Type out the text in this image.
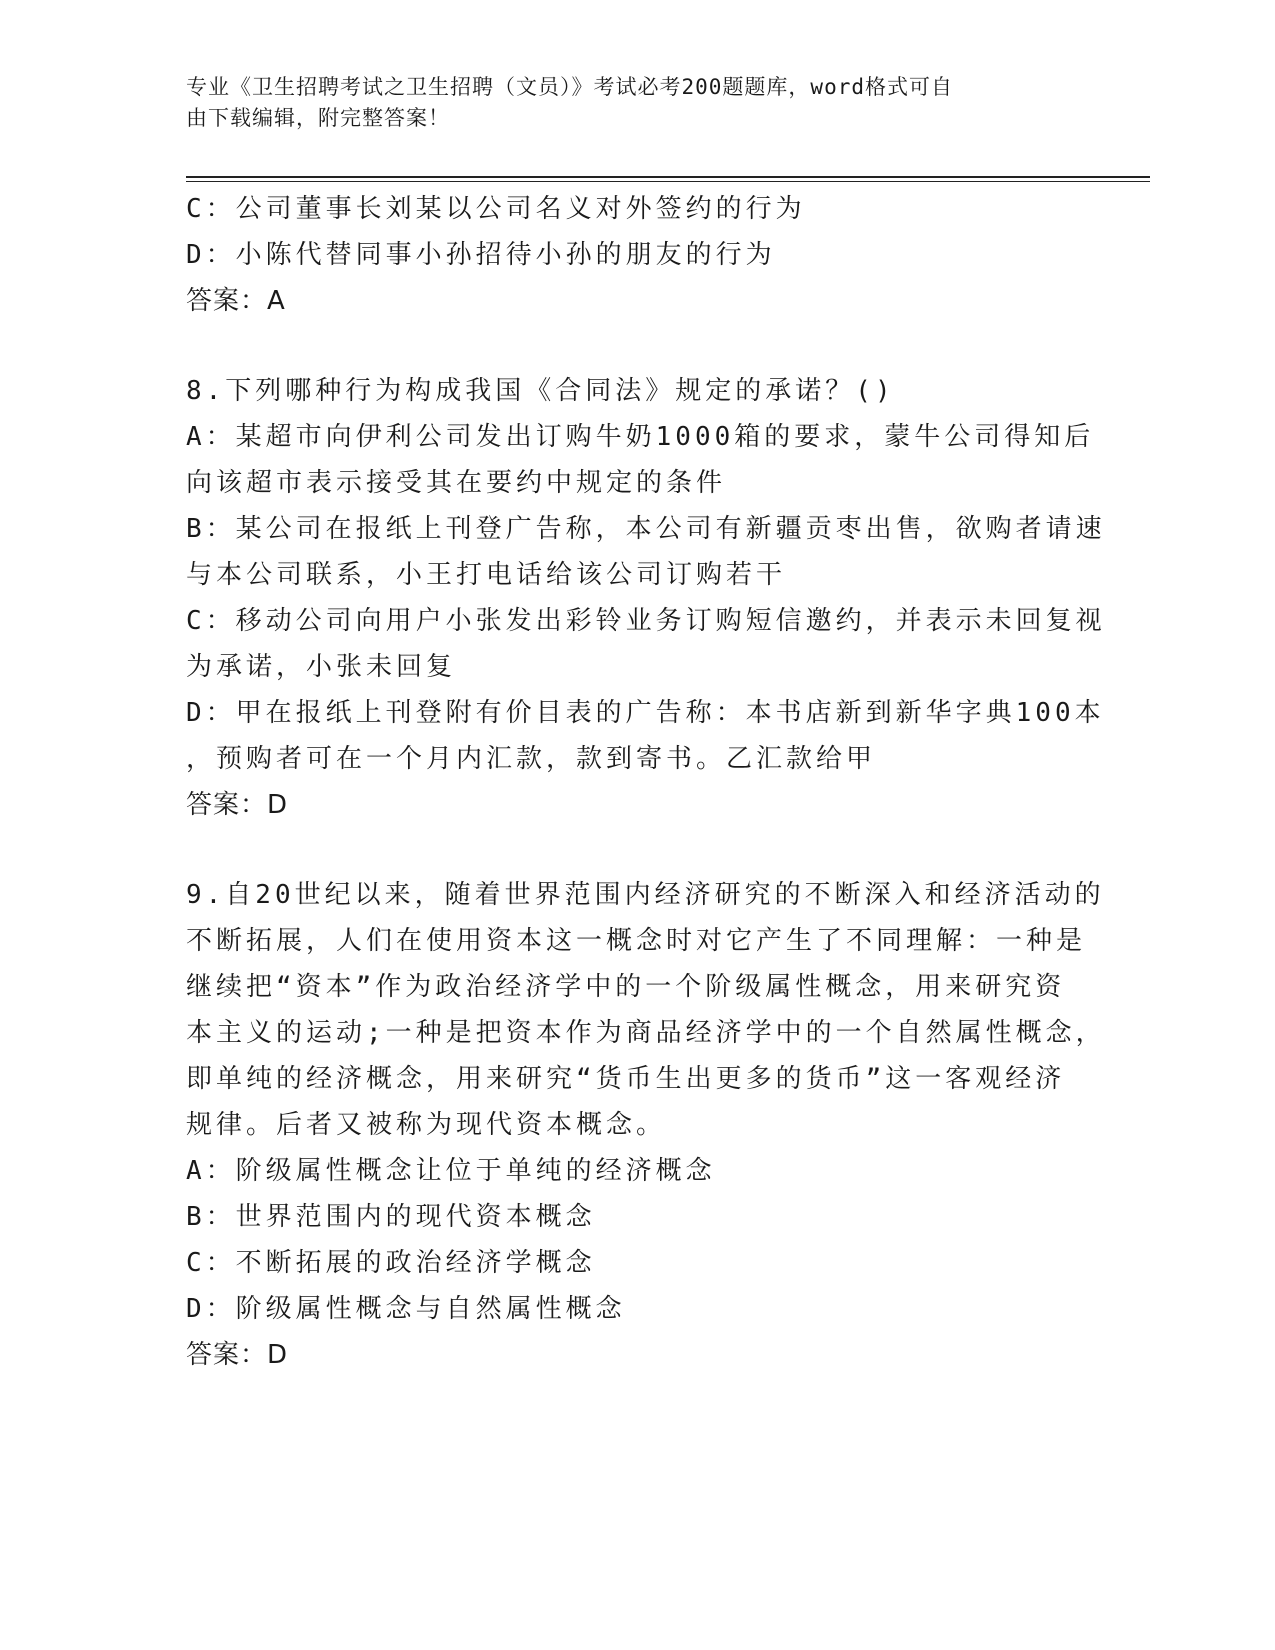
专业《卫生招聘考试之卫生招聘（文员）》考试必考200题题库，word格式可自
由下载编辑，附完整答案！
C：公司董事长刘某以公司名义对外签约的行为
D：小陈代替同事小孙招待小孙的朋友的行为
答案：A
8.下列哪种行为构成我国《合同法》规定的承诺？()
A：某超市向伊利公司发出订购牛奶1000箱的要求，蒙牛公司得知后
向该超市表示接受其在要约中规定的条件
B：某公司在报纸上刊登广告称，本公司有新疆贡枣出售，欲购者请速
与本公司联系，小王打电话给该公司订购若干
C：移动公司向用户小张发出彩铃业务订购短信邀约，并表示未回复视
为承诺，小张未回复
D：甲在报纸上刊登附有价目表的广告称：本书店新到新华字典100本
，预购者可在一个月内汇款，款到寄书。乙汇款给甲
答案：D
9.自20世纪以来，随着世界范围内经济研究的不断深入和经济活动的
不断拓展，人们在使用资本这一概念时对它产生了不同理解：一种是
继续把“资本”作为政治经济学中的一个阶级属性概念，用来研究资
本主义的运动;一种是把资本作为商品经济学中的一个自然属性概念，
即单纯的经济概念，用来研究“货币生出更多的货币”这一客观经济
规律。后者又被称为现代资本概念。
A：阶级属性概念让位于单纯的经济概念
B：世界范围内的现代资本概念
C：不断拓展的政治经济学概念
D：阶级属性概念与自然属性概念
答案：D
